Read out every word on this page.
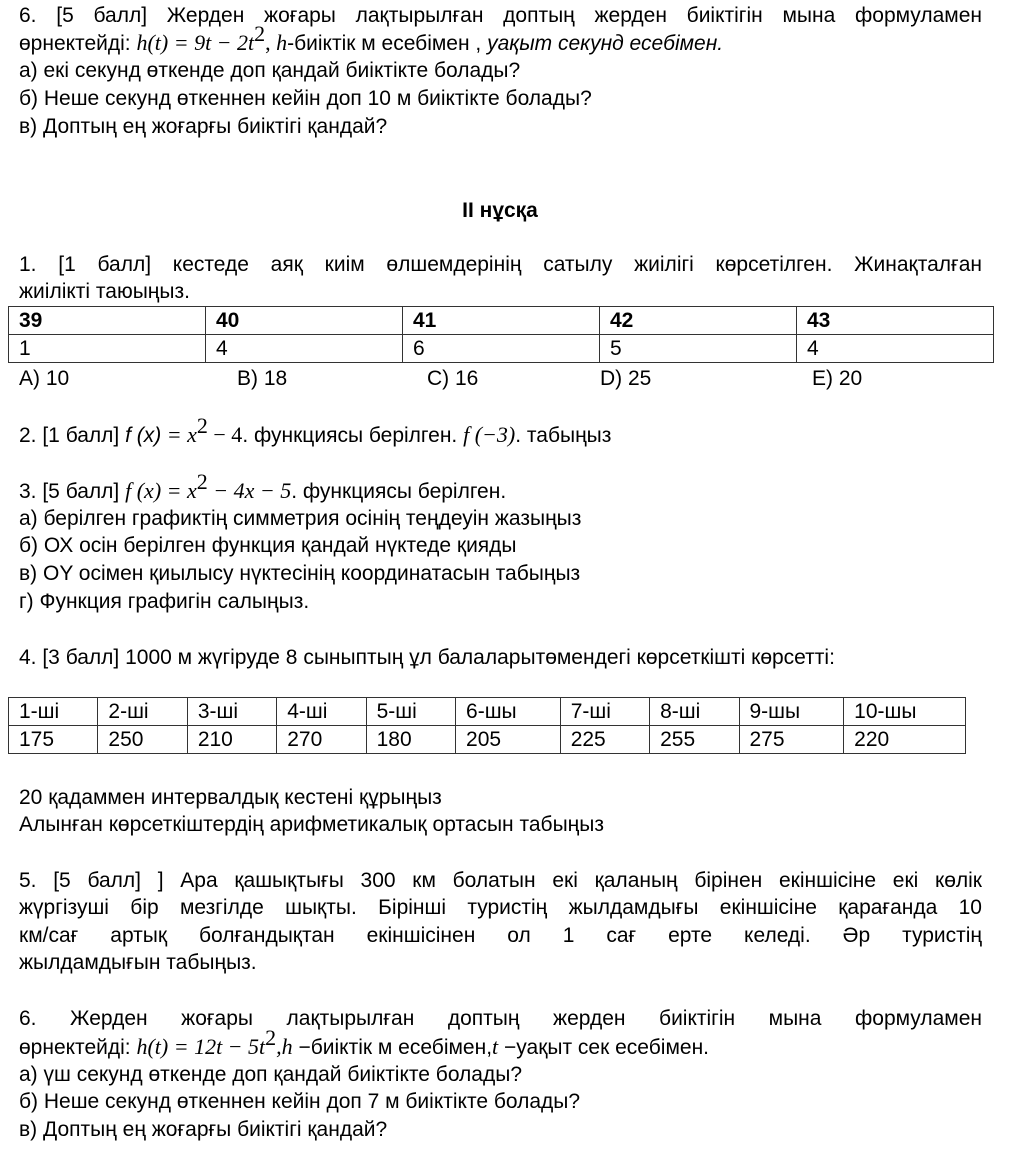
6. [5 балл] Жерден жоғары лақтырылған доптың жерден биіктігін мына формуламен
өрнектейді: $h(t) = 9t - 2t^2$, h-биіктік м есебімен , уақыт секунд есебімен.
а) екі секунд өткенде доп қандай биіктікте болады?
б) Неше секунд өткеннен кейін доп 10 м биіктікте болады?
в) Доптың ең жоғарғы биіктігі қандай?
ІІ нұсқа
1. [1 балл] кестеде аяқ киім өлшемдерінің сатылу жиілігі көрсетілген. Жинақталған
жиілікті таюыңыз.
39	40	41	42	43
1	4	6	5	4
A) 10	B) 18	C) 16	D) 25	E) 20
2. [1 балл] f $(x) = x^2 - 4$. функциясы берілген. f (−3). табыңыз
3. [5 балл] f $(x) = x^2 - 4x - 5$. функциясы берілген.
а) берілген графиктің симметрия осінің теңдеуін жазыңыз
б) ОХ осін берілген функция қандай нүктеде қияды
в) OY осімен қиылысу нүктесінің координатасын табыңыз
г) Функция графигін салыңыз.
4. [3 балл] 1000 м жүгіруде 8 сыныптың ұл балаларытөмендегі көрсеткішті көрсетті:
1-ші	2-ші	3-ші	4-ші	5-ші	6-шы	7-ші	8-ші	9-шы	10-шы
175	250	210	270	180	205	225	255	275	220
20 қадаммен интервалдық кестені құрыңыз
Алынған көрсеткіштердің арифметикалық ортасын табыңыз
5. [5 балл] ] Ара қашықтығы 300 км болатын екі қаланың бірінен екіншісіне екі көлік
жүргізуші бір мезгілде шықты. Бірінші туристің жылдамдығы екіншісіне қарағанда 10
км/сағ артық болғандықтан екіншісінен ол 1 сағ ерте келеді. Әр туристің
жылдамдығын табыңыз.
6. Жерден жоғары лақтырылған доптың жерден биіктігін мына формуламен
өрнектейді: $h(t) = 12t - 5t^2,h$ −биіктік м есебімен,t −уақыт сек есебімен.
а) үш секунд өткенде доп қандай биіктікте болады?
б) Неше секунд өткеннен кейін доп 7 м биіктікте болады?
в) Доптың ең жоғарғы биіктігі қандай?
